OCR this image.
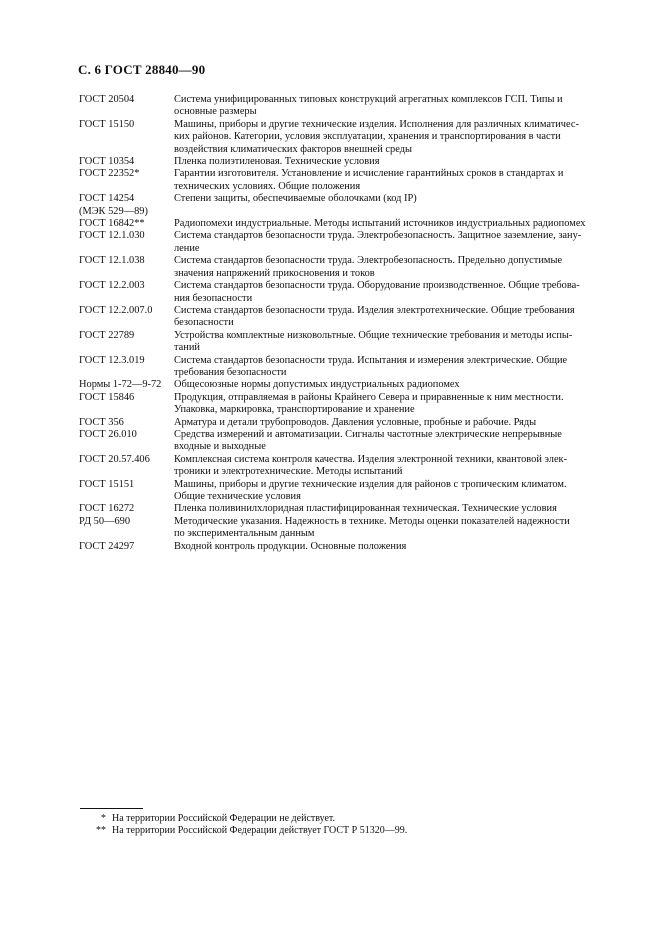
С. 6 ГОСТ 28840—90
ГОСТ 20504	Система унифицированных типовых конструкций агрегатных комплексов ГСП. Типы и
основные размеры
ГОСТ 15150	Машины, приборы и другие технические изделия. Исполнения для различных климатичес-
ких районов. Категории, условия эксплуатации, хранения и транспортирования в части
воздействия климатических факторов внешней среды
ГОСТ 10354	Пленка полиэтиленовая. Технические условия
ГОСТ 22352*	Гарантии изготовителя. Установление и исчисление гарантийных сроков в стандартах и
технических условиях. Общие положения
ГОСТ 14254	Степени защиты, обеспечиваемые оболочками (код IP)
(МЭК 529—89)
ГОСТ 16842**	Радиопомехи индустриальные. Методы испытаний источников индустриальных радиопомех
ГОСТ 12.1.030	Система стандартов безопасности труда. Электробезопасность. Защитное заземление, зану-
ление
ГОСТ 12.1.038	Система стандартов безопасности труда. Электробезопасность. Предельно допустимые
значения напряжений прикосновения и токов
ГОСТ 12.2.003	Система стандартов безопасности труда. Оборудование производственное. Общие требова-
ния безопасности
ГОСТ 12.2.007.0	Система стандартов безопасности труда. Изделия электротехнические. Общие требования
безопасности
ГОСТ 22789	Устройства комплектные низковольтные. Общие технические требования и методы испы-
таний
ГОСТ 12.3.019	Система стандартов безопасности труда. Испытания и измерения электрические. Общие
требования безопасности
Нормы 1-72—9-72	Общесоюзные нормы допустимых индустриальных радиопомех
ГОСТ 15846	Продукция, отправляемая в районы Крайнего Севера и приравненные к ним местности.
Упаковка, маркировка, транспортирование и хранение
ГОСТ 356	Арматура и детали трубопроводов. Давления условные, пробные и рабочие. Ряды
ГОСТ 26.010	Средства измерений и автоматизации. Сигналы частотные электрические непрерывные
входные и выходные
ГОСТ 20.57.406	Комплексная система контроля качества. Изделия электронной техники, квантовой элек-
троники и электротехнические. Методы испытаний
ГОСТ 15151	Машины, приборы и другие технические изделия для районов с тропическим климатом.
Общие технические условия
ГОСТ 16272	Пленка поливинилхлоридная пластифицированная техническая. Технические условия
РД 50—690	Методические указания. Надежность в технике. Методы оценки показателей надежности
по экспериментальным данным
ГОСТ 24297	Входной контроль продукции. Основные положения
* На территории Российской Федерации не действует.
** На территории Российской Федерации действует ГОСТ Р 51320—99.
